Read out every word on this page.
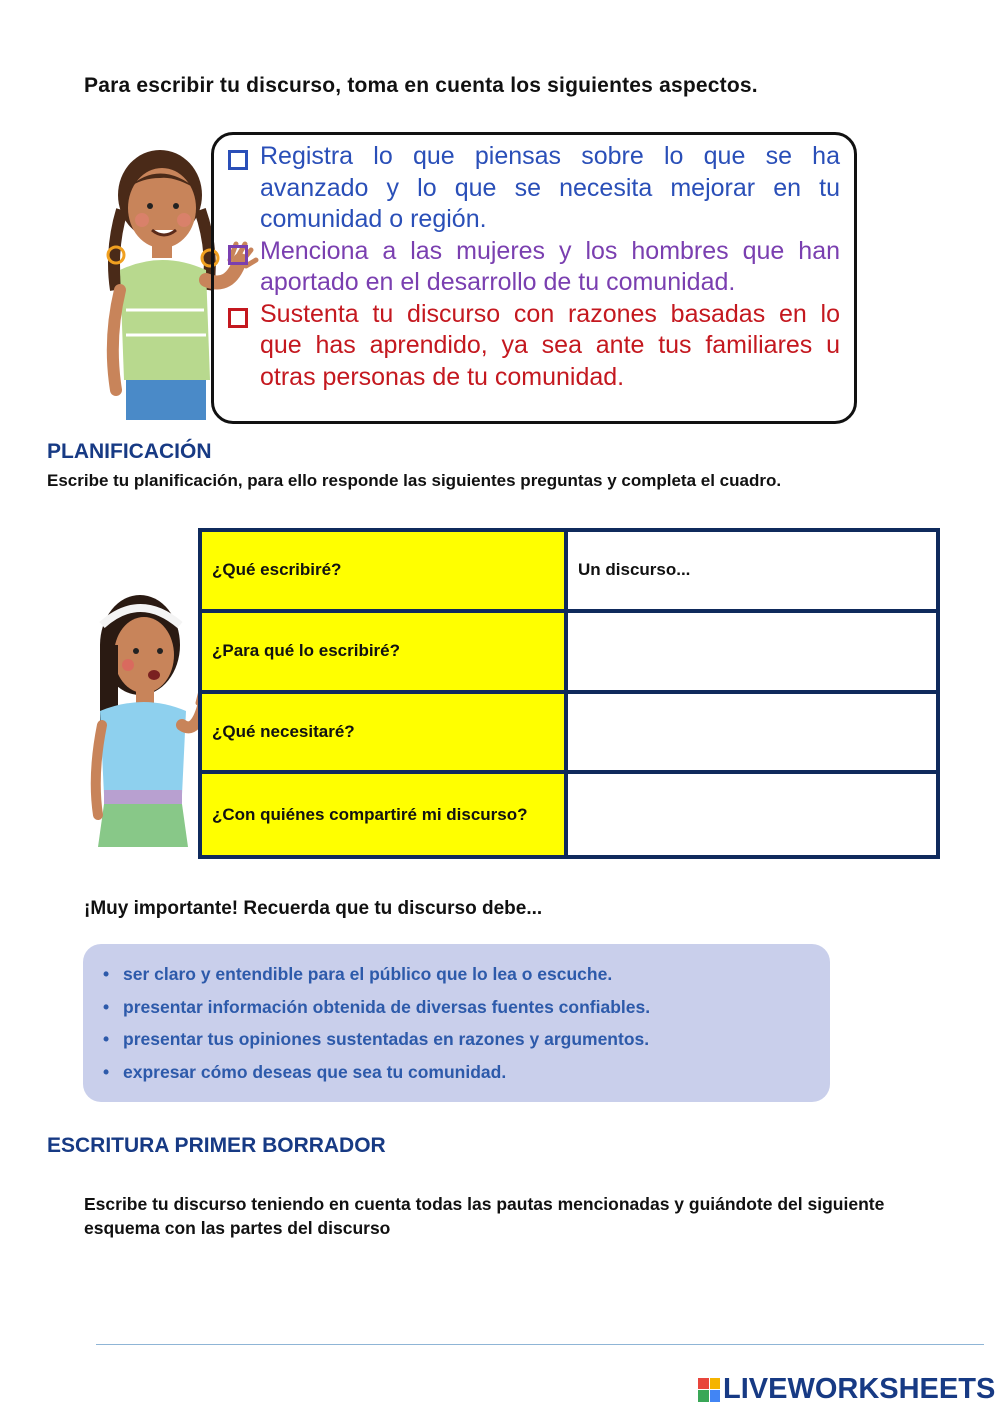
Para escribir tu discurso, toma en cuenta los siguientes aspectos.
Registra lo que piensas sobre lo que se ha avanzado y lo que se necesita mejorar en tu comunidad o región.
Menciona a las mujeres y los hombres que han aportado en el desarrollo de tu comunidad.
Sustenta tu discurso con razones basadas en lo que has aprendido, ya sea ante tus familiares u otras personas de tu comunidad.
PLANIFICACIÓN
Escribe tu planificación, para ello responde las siguientes preguntas y completa el cuadro.
¿Qué escribiré?	Un discurso...
¿Para qué lo escribiré?
¿Qué necesitaré?
¿Con quiénes compartiré mi discurso?
¡Muy importante! Recuerda que tu discurso debe...
• ser claro y entendible para el público que lo lea o escuche.
• presentar información obtenida de diversas fuentes confiables.
• presentar tus opiniones sustentadas en razones y argumentos.
• expresar cómo deseas que sea tu comunidad.
ESCRITURA PRIMER BORRADOR
Escribe tu discurso teniendo en cuenta todas las pautas mencionadas y guiándote del siguiente esquema con las partes del discurso
LIVEWORKSHEETS
